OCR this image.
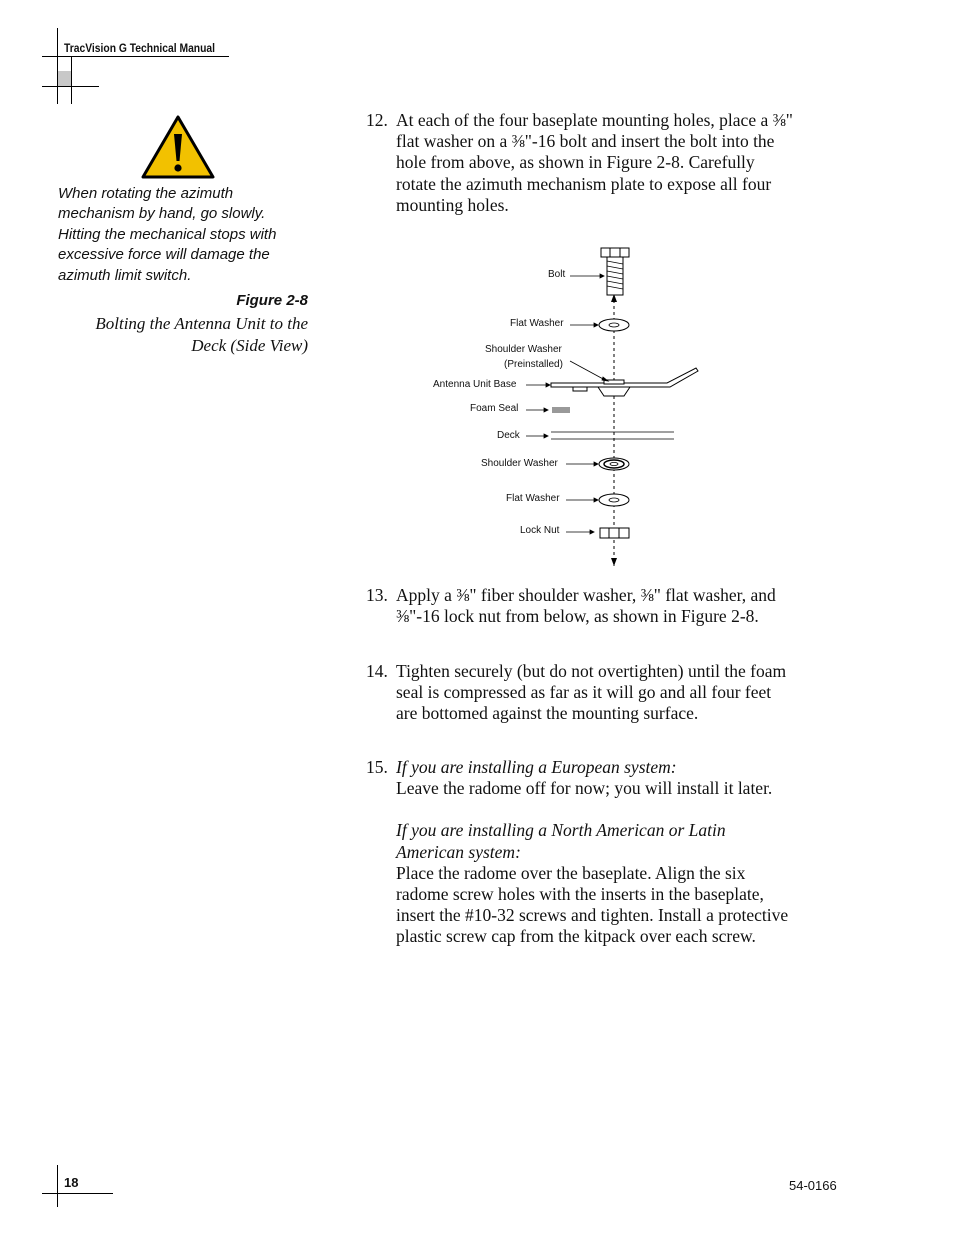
TracVision G Technical Manual
When rotating the azimuth mechanism by hand, go slowly. Hitting the mechanical stops with excessive force will damage the azimuth limit switch.
Figure 2-8
Bolting the Antenna Unit to the Deck (Side View)
12. At each of the four baseplate mounting holes, place a ⅜" flat washer on a ⅜"-16 bolt and insert the bolt into the hole from above, as shown in Figure 2-8. Carefully rotate the azimuth mechanism plate to expose all four mounting holes.
Bolt
Flat Washer
Shoulder Washer
(Preinstalled)
Antenna Unit Base
Foam Seal
Deck
Shoulder Washer
Flat Washer
Lock Nut
13. Apply a ⅜" fiber shoulder washer, ⅜" flat washer, and ⅜"-16 lock nut from below, as shown in Figure 2-8.
14. Tighten securely (but do not overtighten) until the foam seal is compressed as far as it will go and all four feet are bottomed against the mounting surface.
15. If you are installing a European system:
Leave the radome off for now; you will install it later.
If you are installing a North American or Latin American system:
Place the radome over the baseplate. Align the six radome screw holes with the inserts in the baseplate, insert the #10-32 screws and tighten. Install a protective plastic screw cap from the kitpack over each screw.
18	54-0166
